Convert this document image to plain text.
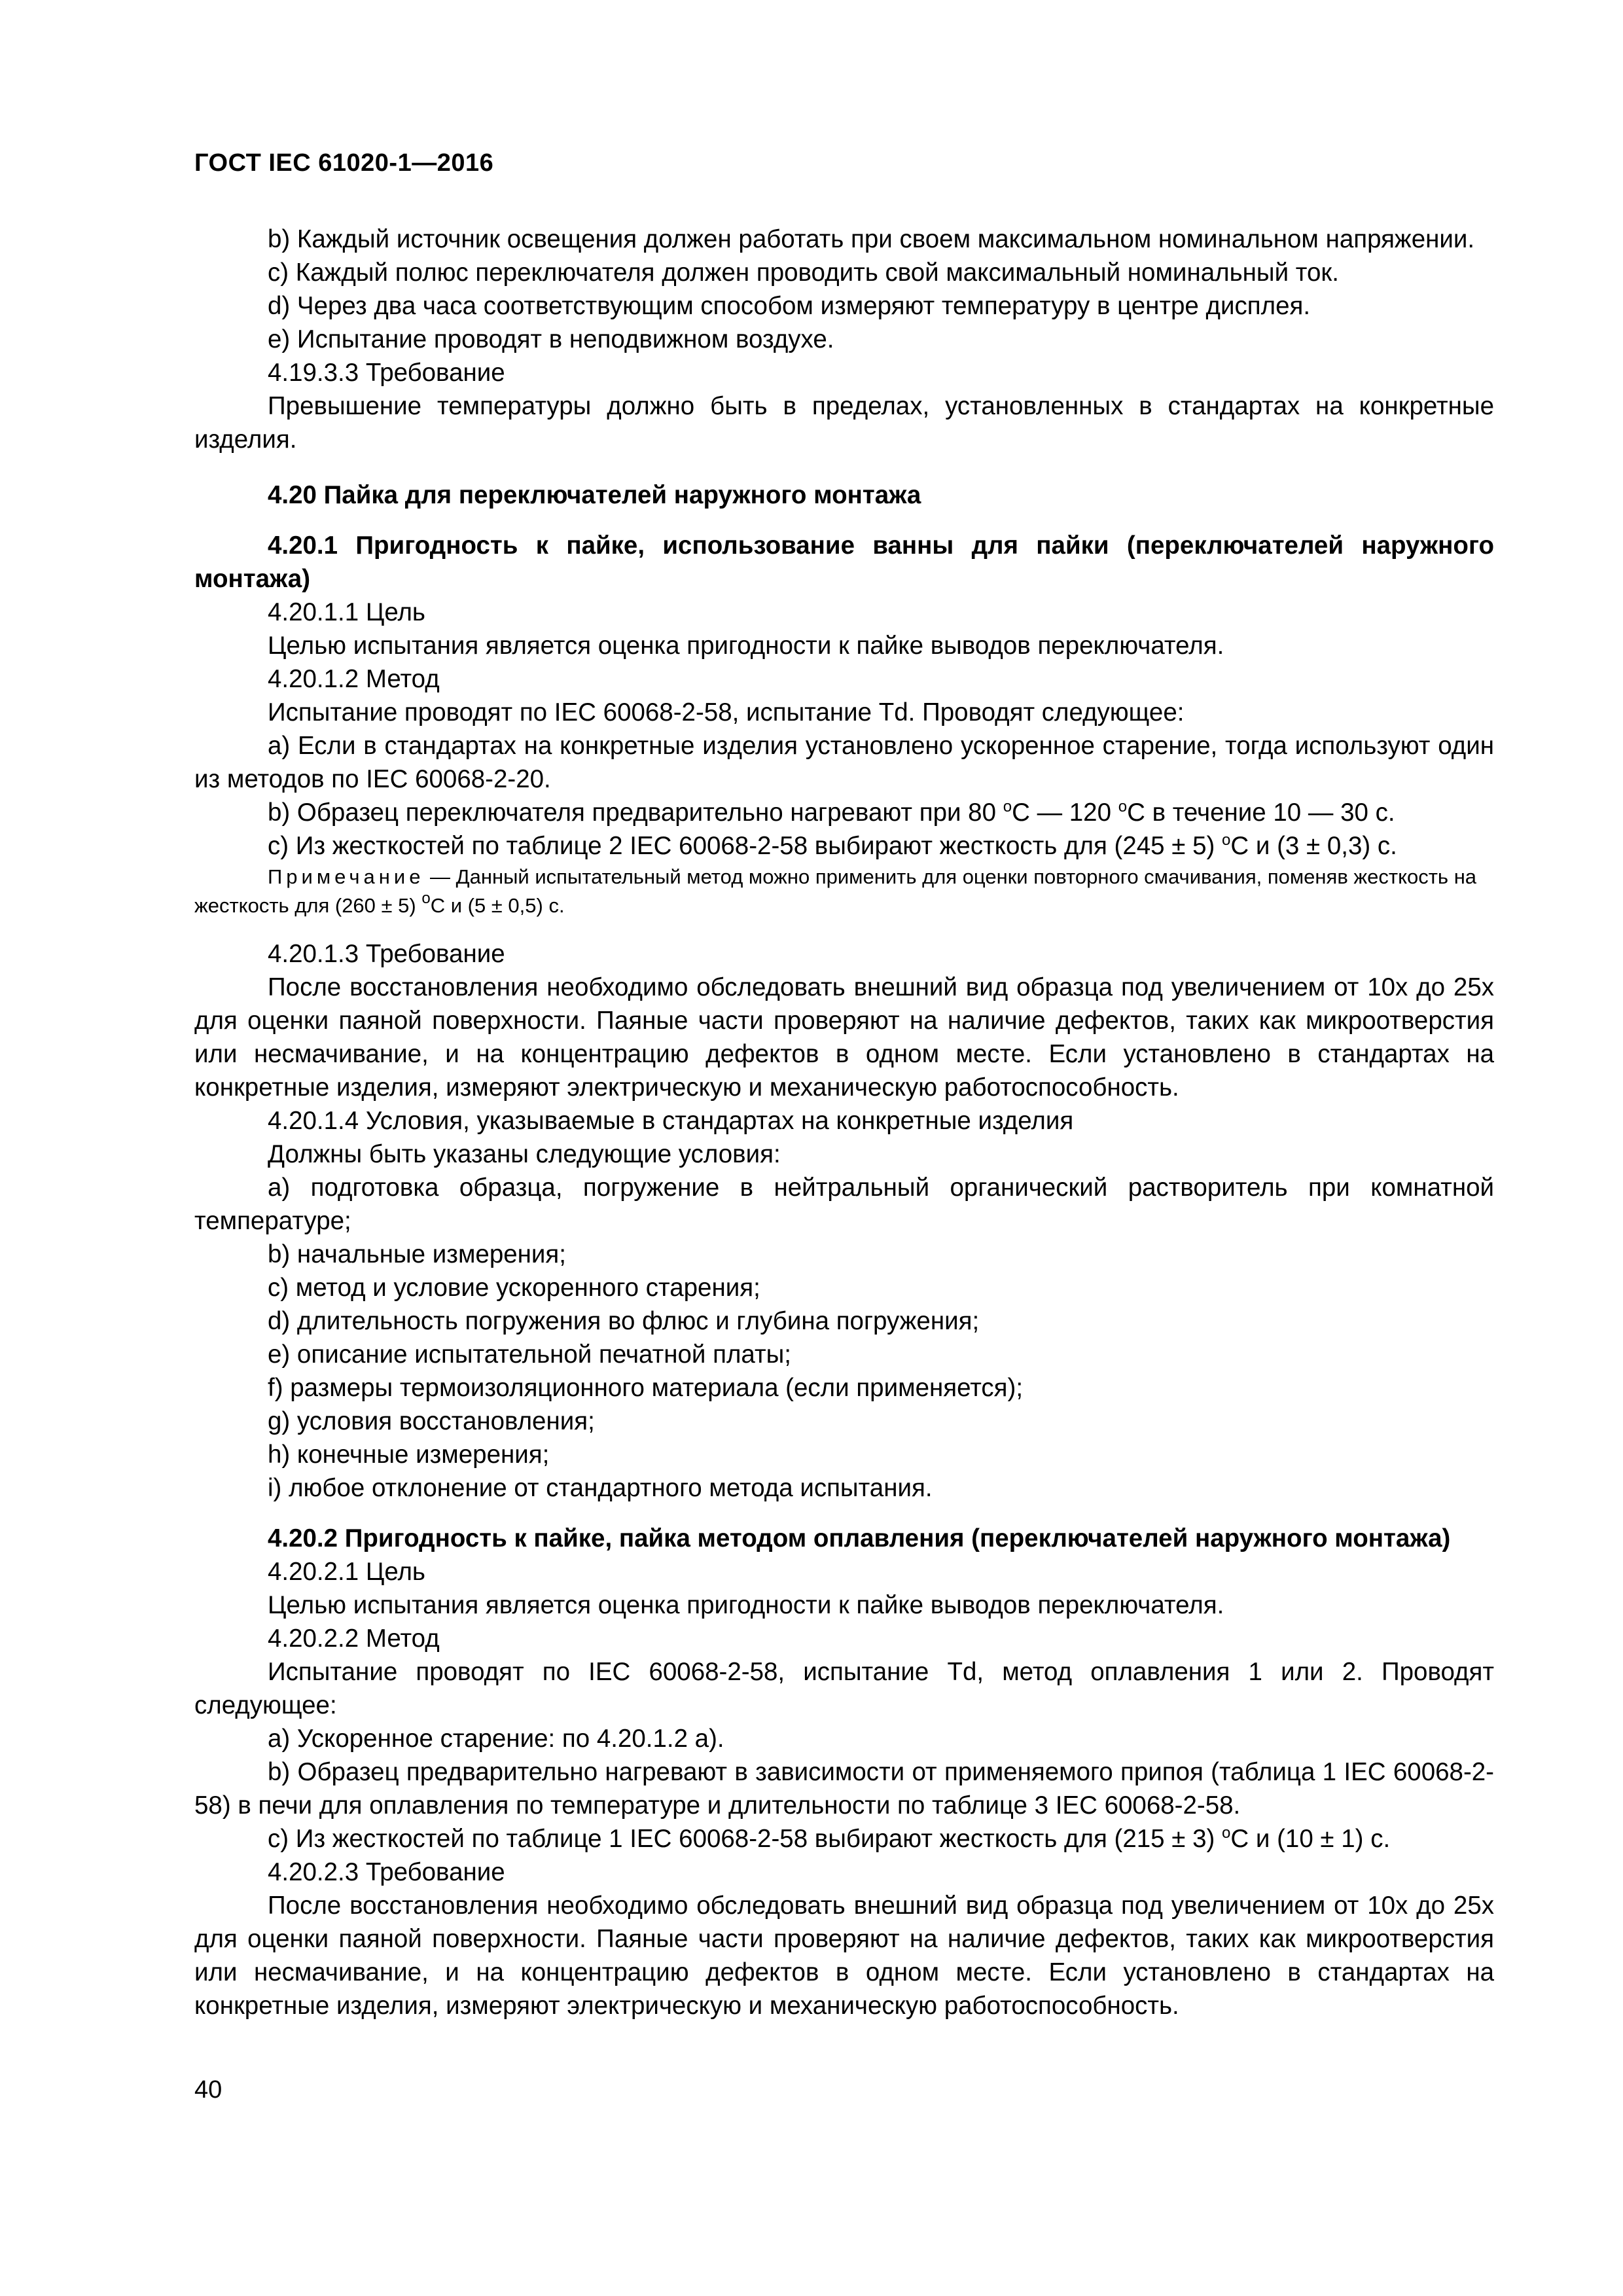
ГОСТ IEC 61020-1—2016

b) Каждый источник освещения должен работать при своем максимальном номинальном напряжении.

c) Каждый полюс переключателя должен проводить свой максимальный номинальный ток.

d) Через два часа соответствующим способом измеряют температуру в центре дисплея.

e) Испытание проводят в неподвижном воздухе.

4.19.3.3 Требование

Превышение температуры должно быть в пределах, установленных в стандартах на конкретные изделия.

4.20 Пайка для переключателей наружного монтажа

4.20.1 Пригодность к пайке, использование ванны для пайки (переключателей наружного монтажа)

4.20.1.1 Цель

Целью испытания является оценка пригодности к пайке выводов переключателя.

4.20.1.2 Метод

Испытание проводят по IEC 60068-2-58, испытание Td. Проводят следующее:

a) Если в стандартах на конкретные изделия установлено ускоренное старение, тогда используют один из методов по IEC 60068-2-20.

b) Образец переключателя предварительно нагревают при 80 $^о$С — 120 $^о$С в течение 10 — 30 с.

c) Из жесткостей по таблице 2 IEC 60068-2-58 выбирают жесткость для (245 ± 5) $^о$С и (3 ± 0,3) с.

Примечание — Данный испытательный метод можно применить для оценки повторного смачивания, поменяв жесткость на жесткость для (260 ± 5) $^о$С и (5 ± 0,5) с.

4.20.1.3 Требование

После восстановления необходимо обследовать внешний вид образца под увеличением от 10x до 25x для оценки паяной поверхности. Паяные части проверяют на наличие дефектов, таких как микроотверстия или несмачивание, и на концентрацию дефектов в одном месте. Если установлено в стандартах на конкретные изделия, измеряют электрическую и механическую работоспособность.

4.20.1.4 Условия, указываемые в стандартах на конкретные изделия

Должны быть указаны следующие условия:

a) подготовка образца, погружение в нейтральный органический растворитель при комнатной температуре;

b) начальные измерения;

c) метод и условие ускоренного старения;

d) длительность погружения во флюс и глубина погружения;

e) описание испытательной печатной платы;

f) размеры термоизоляционного материала (если применяется);

g) условия восстановления;

h) конечные измерения;

i) любое отклонение от стандартного метода испытания.

4.20.2 Пригодность к пайке, пайка методом оплавления (переключателей наружного монтажа)

4.20.2.1 Цель

Целью испытания является оценка пригодности к пайке выводов переключателя.

4.20.2.2 Метод

Испытание проводят по IEC 60068-2-58, испытание Td, метод оплавления 1 или 2. Проводят следующее:

a) Ускоренное старение: по 4.20.1.2 a).

b) Образец предварительно нагревают в зависимости от применяемого припоя (таблица 1 IEC 60068-2-58) в печи для оплавления по температуре и длительности по таблице 3 IEC 60068-2-58.

c) Из жесткостей по таблице 1 IEC 60068-2-58 выбирают жесткость для (215 ± 3) $^о$С и (10 ± 1) с.

4.20.2.3 Требование

После восстановления необходимо обследовать внешний вид образца под увеличением от 10x до 25x для оценки паяной поверхности. Паяные части проверяют на наличие дефектов, таких как микроотверстия или несмачивание, и на концентрацию дефектов в одном месте. Если установлено в стандартах на конкретные изделия, измеряют электрическую и механическую работоспособность.

40
